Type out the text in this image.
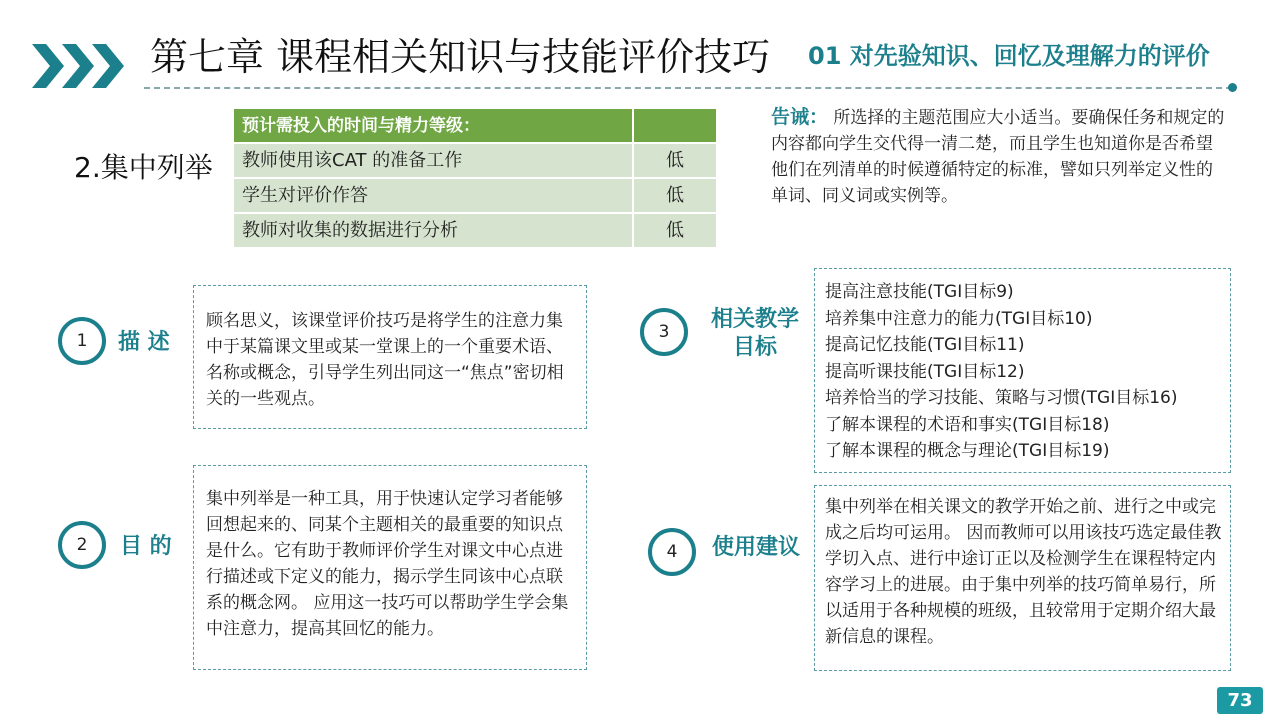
第七章 课程相关知识与技能评价技巧 01 对先验知识、回忆及理解力的评价
2.集中列举
预计需投入的时间与精力等级：	
教师使用该CAT 的准备工作	低
学生对评价作答	低
教师对收集的数据进行分析	低
告诫： 所选择的主题范围应大小适当。要确保任务和规定的内容都向学生交代得一清二楚，而且学生也知道你是否希望他们在列清单的时候遵循特定的标准，譬如只列举定义性的单词、同义词或实例等。
1	描 述
顾名思义，该课堂评价技巧是将学生的注意力集中于某篇课文里或某一堂课上的一个重要术语、名称或概念，引导学生列出同这一“焦点”密切相关的一些观点。
2	目 的
集中列举是一种工具，用于快速认定学习者能够回想起来的、同某个主题相关的最重要的知识点是什么。它有助于教师评价学生对课文中心点进行描述或下定义的能力，揭示学生同该中心点联系的概念网。 应用这一技巧可以帮助学生学会集中注意力，提高其回忆的能力。
3	相关教学
目标
提高注意技能(TGI目标9)
培养集中注意力的能力(TGI目标10)
提高记忆技能(TGI目标11)
提高听课技能(TGI目标12)
培养恰当的学习技能、策略与习惯(TGI目标16)
了解本课程的术语和事实(TGI目标18)
了解本课程的概念与理论(TGI目标19)
4	使用建议
集中列举在相关课文的教学开始之前、进行之中或完成之后均可运用。 因而教师可以用该技巧选定最佳教学切入点、进行中途订正以及检测学生在课程特定内容学习上的进展。由于集中列举的技巧简单易行，所以适用于各种规模的班级，且较常用于定期介绍大最新信息的课程。
73
